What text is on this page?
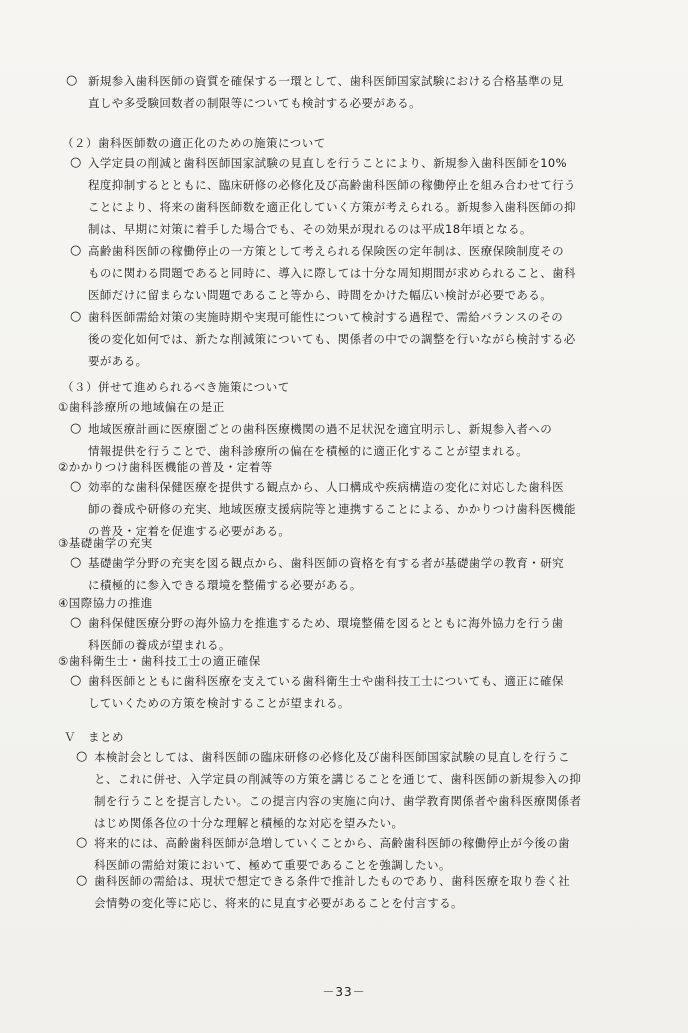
○ 新規参入歯科医師の資質を確保する一環として、歯科医師国家試験における合格基準の見
直しや多受験回数者の制限等についても検討する必要がある。
（２）歯科医師数の適正化のための施策について
○ 入学定員の削減と歯科医師国家試験の見直しを行うことにより、新規参入歯科医師を10%
程度抑制するとともに、臨床研修の必修化及び高齢歯科医師の稼働停止を組み合わせて行う
ことにより、将来の歯科医師数を適正化していく方策が考えられる。新規参入歯科医師の抑
制は、早期に対策に着手した場合でも、その効果が現れるのは平成18年頃となる。
○ 高齢歯科医師の稼働停止の一方策として考えられる保険医の定年制は、医療保険制度その
ものに関わる問題であると同時に、導入に際しては十分な周知期間が求められること、歯科
医師だけに留まらない問題であること等から、時間をかけた幅広い検討が必要である。
○ 歯科医師需給対策の実施時期や実現可能性について検討する過程で、需給バランスのその
後の変化如何では、新たな削減策についても、関係者の中での調整を行いながら検討する必
要がある。
（３）併せて進められるべき施策について
①歯科診療所の地域偏在の是正
○ 地域医療計画に医療圏ごとの歯科医療機関の過不足状況を適宜明示し、新規参入者への
情報提供を行うことで、歯科診療所の偏在を積極的に適正化することが望まれる。
②かかりつけ歯科医機能の普及・定着等
○ 効率的な歯科保健医療を提供する観点から、人口構成や疾病構造の変化に対応した歯科医
師の養成や研修の充実、地域医療支援病院等と連携することによる、かかりつけ歯科医機能
の普及・定着を促進する必要がある。
③基礎歯学の充実
○ 基礎歯学分野の充実を図る観点から、歯科医師の資格を有する者が基礎歯学の教育・研究
に積極的に参入できる環境を整備する必要がある。
④国際協力の推進
○ 歯科保健医療分野の海外協力を推進するため、環境整備を図るとともに海外協力を行う歯
科医師の養成が望まれる。
⑤歯科衛生士・歯科技工士の適正確保
○ 歯科医師とともに歯科医療を支えている歯科衛生士や歯科技工士についても、適正に確保
していくための方策を検討することが望まれる。
Ｖ　まとめ
○ 本検討会としては、歯科医師の臨床研修の必修化及び歯科医師国家試験の見直しを行うこ
と、これに併せ、入学定員の削減等の方策を講じることを通じて、歯科医師の新規参入の抑
制を行うことを提言したい。この提言内容の実施に向け、歯学教育関係者や歯科医療関係者
はじめ関係各位の十分な理解と積極的な対応を望みたい。
○ 将来的には、高齢歯科医師が急増していくことから、高齢歯科医師の稼働停止が今後の歯
科医師の需給対策において、極めて重要であることを強調したい。
○ 歯科医師の需給は、現状で想定できる条件で推計したものであり、歯科医療を取り巻く社
会情勢の変化等に応じ、将来的に見直す必要があることを付言する。
－33－
